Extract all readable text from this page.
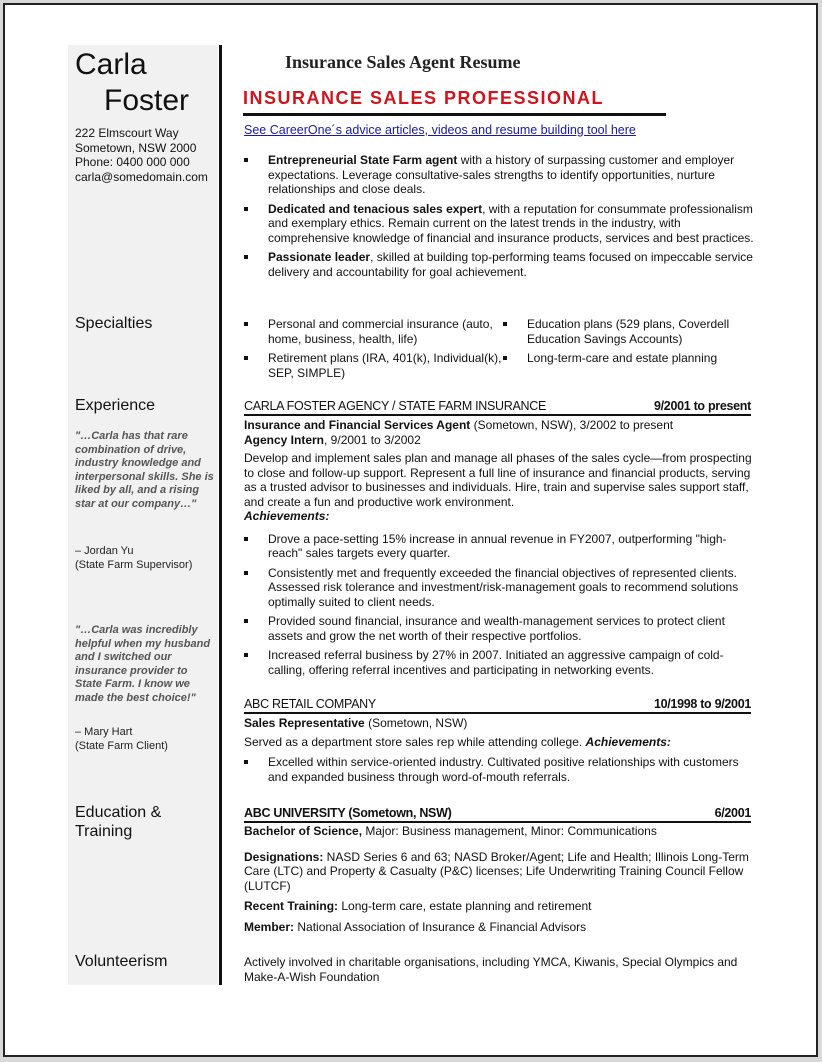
Carla
Foster
222 Elmscourt Way
Sometown, NSW 2000
Phone: 0400 000 000
carla@somedomain.com
Specialties
Experience
Education & Training
Volunteerism
"…Carla has that rare combination of drive, industry knowledge and interpersonal skills. She is liked by all, and a rising star at our company…"
– Jordan Yu
(State Farm Supervisor)
"…Carla was incredibly helpful when my husband and I switched our insurance provider to State Farm. I know we made the best choice!"
– Mary Hart
(State Farm Client)
Insurance Sales Agent Resume
INSURANCE SALES PROFESSIONAL
See CareerOne´s advice articles, videos and resume building tool here
Entrepreneurial State Farm agent with a history of surpassing customer and employer expectations. Leverage consultative-sales strengths to identify opportunities, nurture relationships and close deals.
Dedicated and tenacious sales expert, with a reputation for consummate professionalism and exemplary ethics. Remain current on the latest trends in the industry, with comprehensive knowledge of financial and insurance products, services and best practices.
Passionate leader, skilled at building top-performing teams focused on impeccable service delivery and accountability for goal achievement.
Personal and commercial insurance (auto, home, business, health, life)
Education plans (529 plans, Coverdell Education Savings Accounts)
Retirement plans (IRA, 401(k), Individual(k), SEP, SIMPLE)
Long-term-care and estate planning
CARLA FOSTER AGENCY / STATE FARM INSURANCE	9/2001 to present
Insurance and Financial Services Agent (Sometown, NSW), 3/2002 to present
Agency Intern, 9/2001 to 3/2002
Develop and implement sales plan and manage all phases of the sales cycle—from prospecting to close and follow-up support. Represent a full line of insurance and financial products, serving as a trusted advisor to businesses and individuals. Hire, train and supervise sales support staff, and create a fun and productive work environment.
Achievements:
Drove a pace-setting 15% increase in annual revenue in FY2007, outperforming "high-reach" sales targets every quarter.
Consistently met and frequently exceeded the financial objectives of represented clients. Assessed risk tolerance and investment/risk-management goals to recommend solutions optimally suited to client needs.
Provided sound financial, insurance and wealth-management services to protect client assets and grow the net worth of their respective portfolios.
Increased referral business by 27% in 2007. Initiated an aggressive campaign of cold-calling, offering referral incentives and participating in networking events.
ABC RETAIL COMPANY	10/1998 to 9/2001
Sales Representative (Sometown, NSW)
Served as a department store sales rep while attending college. Achievements:
Excelled within service-oriented industry. Cultivated positive relationships with customers and expanded business through word-of-mouth referrals.
ABC UNIVERSITY (Sometown, NSW)	6/2001
Bachelor of Science, Major: Business management, Minor: Communications
Designations: NASD Series 6 and 63; NASD Broker/Agent; Life and Health; Illinois Long-Term Care (LTC) and Property & Casualty (P&C) licenses; Life Underwriting Training Council Fellow (LUTCF)
Recent Training: Long-term care, estate planning and retirement
Member: National Association of Insurance & Financial Advisors
Actively involved in charitable organisations, including YMCA, Kiwanis, Special Olympics and Make-A-Wish Foundation
